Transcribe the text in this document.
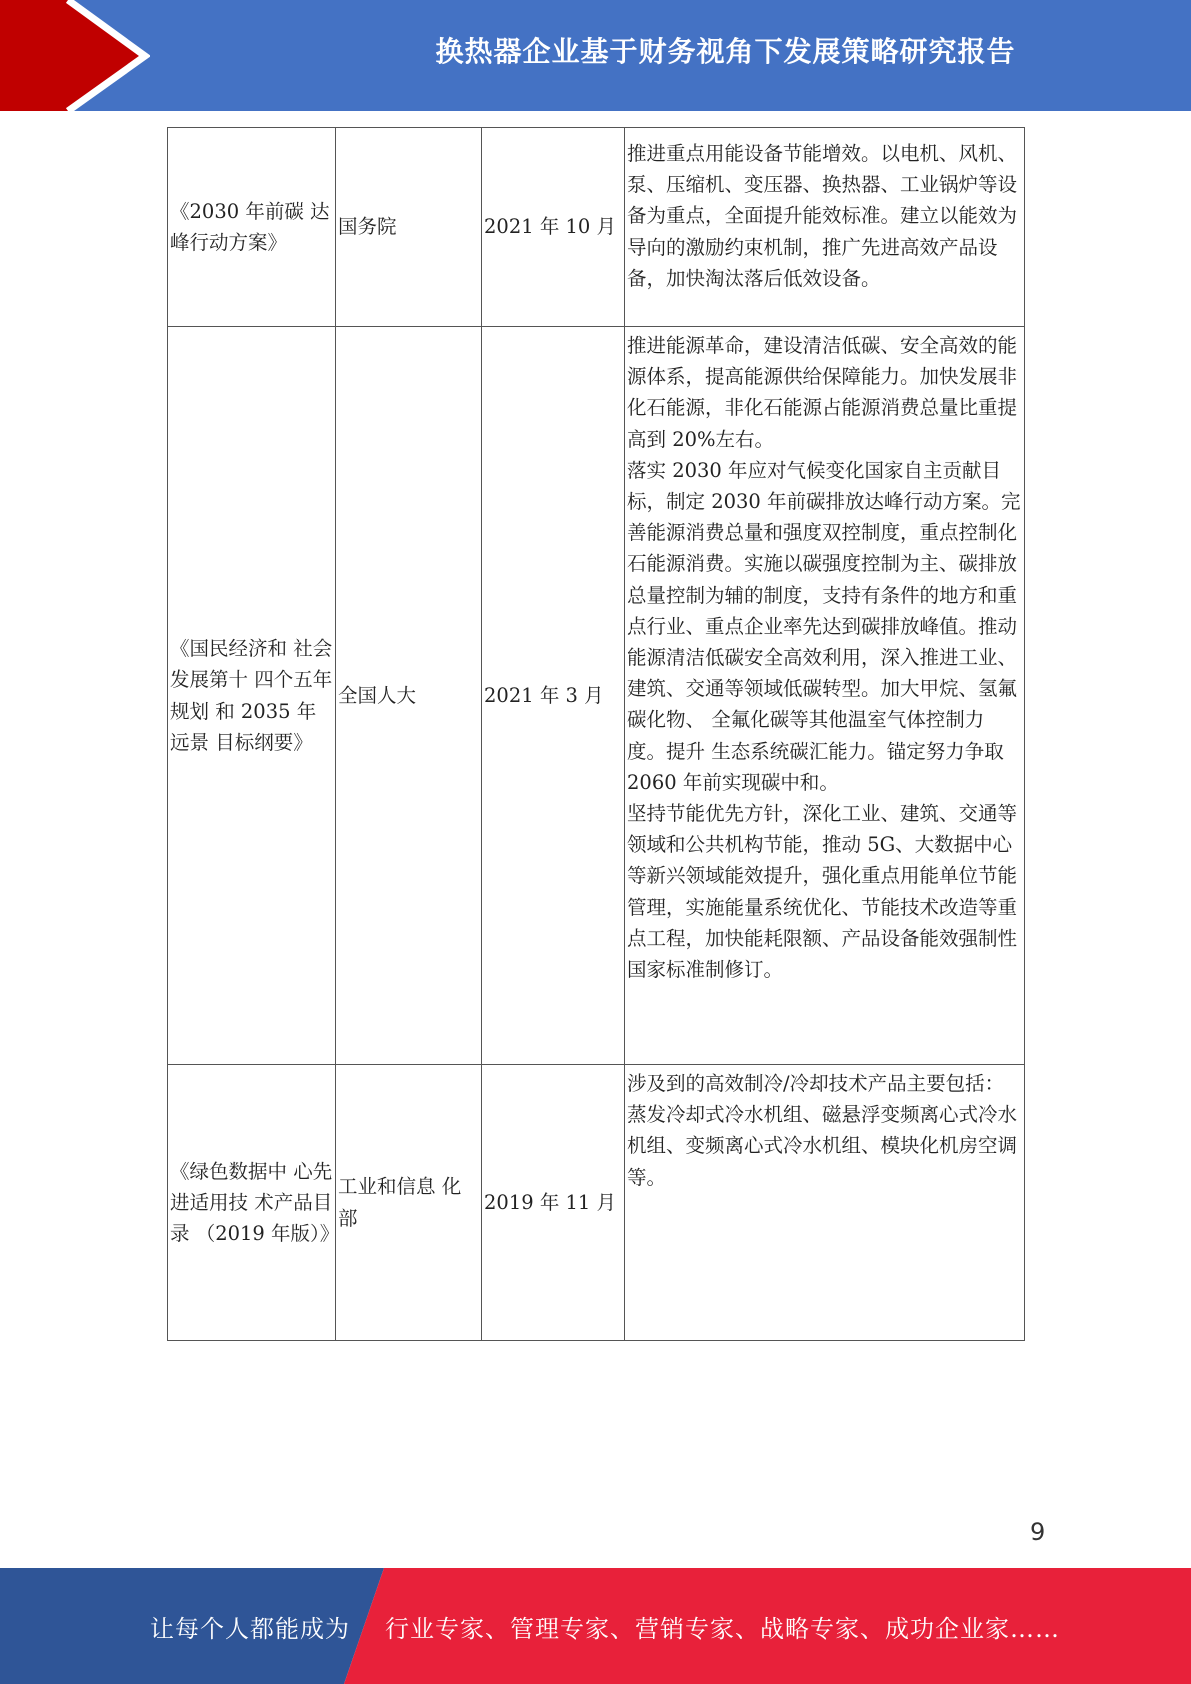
换热器企业基于财务视角下发展策略研究报告
《2030 年前碳 达峰行动方案》	国务院	2021 年 10 月	推进重点用能设备节能增效。以电机、风机、泵、压缩机、变压器、换热器、工业锅炉等设备为重点，全面提升能效标准。建立以能效为导向的激励约束机制，推广先进高效产品设备，加快淘汰落后低效设备。

《国民经济和 社会发展第十 四个五年规划 和 2035 年远景 目标纲要》	全国人大	2021 年 3 月	推进能源革命，建设清洁低碳、安全高效的能源体系，提高能源供给保障能力。加快发展非化石能源，非化石能源占能源消费总量比重提高到 20%左右。
落实 2030 年应对气候变化国家自主贡献目标，制定 2030 年前碳排放达峰行动方案。完善能源消费总量和强度双控制度，重点控制化石能源消费。实施以碳强度控制为主、碳排放总量控制为辅的制度，支持有条件的地方和重点行业、重点企业率先达到碳排放峰值。推动能源清洁低碳安全高效利用，深入推进工业、建筑、交通等领域低碳转型。加大甲烷、氢氟碳化物、 全氟化碳等其他温室气体控制力度。提升 生态系统碳汇能力。锚定努力争取 2060 年前实现碳中和。
坚持节能优先方针，深化工业、建筑、交通等领域和公共机构节能，推动 5G、大数据中心等新兴领域能效提升，强化重点用能单位节能管理，实施能量系统优化、节能技术改造等重点工程，加快能耗限额、产品设备能效强制性国家标准制修订。

《绿色数据中 心先进适用技 术产品目录 （2019 年版）》	工业和信息 化部	2019 年 11 月	涉及到的高效制冷/冷却技术产品主要包括：蒸发冷却式冷水机组、磁悬浮变频离心式冷水机组、变频离心式冷水机组、模块化机房空调等。
9
让每个人都能成为	行业专家、管理专家、营销专家、战略专家、成功企业家……
